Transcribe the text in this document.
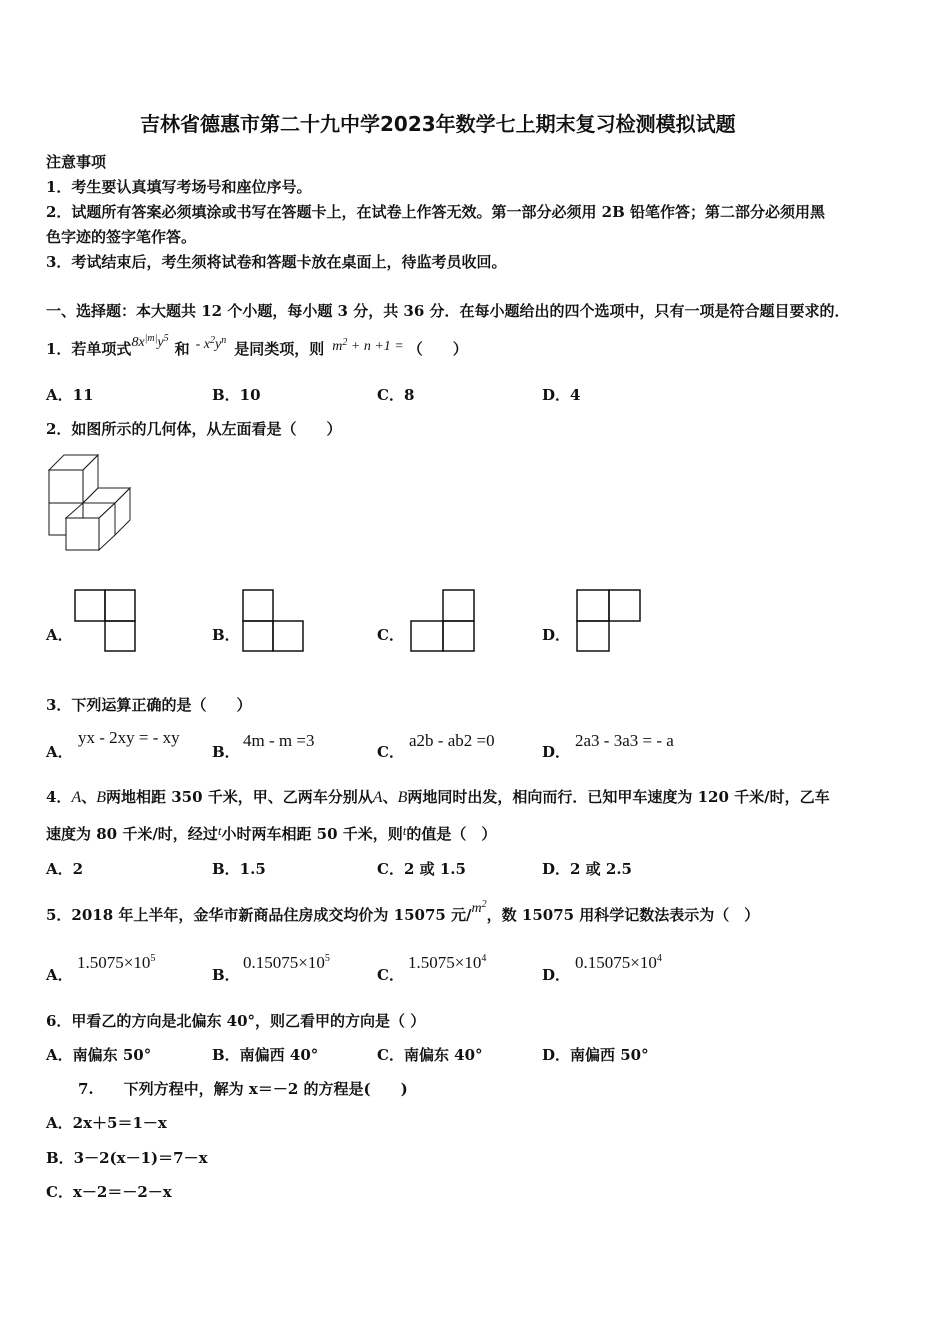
吉林省德惠市第二十九中学2023年数学七上期末复习检测模拟试题
注意事项
1．考生要认真填写考场号和座位序号。
2．试题所有答案必须填涂或书写在答题卡上，在试卷上作答无效。第一部分必须用 2B 铅笔作答；第二部分必须用黑
色字迹的签字笔作答。
3．考试结束后，考生须将试卷和答题卡放在桌面上，待监考员收回。
一、选择题：本大题共 12 个小题，每小题 3 分，共 36 分．在每小题给出的四个选项中，只有一项是符合题目要求的．
1．若单项式$8x^{|m|}y^5$和 - $x^2y^n$ 是同类项，则 $m^2 + n +1$ = （　　）
A．11	B．10	C．8	D．4
2．如图所示的几何体，从左面看是（　　）
A．	B．	C．	D．
3．下列运算正确的是（　　）
A．
yx - 2xy = - xy
B．
4m - m =3
C．
a2b - ab2 =0
D．
2a3 - 3a3 = - a
4．A、B两地相距 350 千米，甲、乙两车分别从A、B两地同时出发，相向而行．已知甲车速度为 120 千米/时，乙车
速度为 80 千米/时，经过t小时两车相距 50 千米，则t的值是（　）
A．2	B．1.5	C．2 或 1.5	D．2 或 2.5
5．2018 年上半年，金华市新商品住房成交均价为 15075 元$/m^2$，数 15075 用科学记数法表示为（　）
A．
$1.5075\times 10^5$
B．
$0.15075\times 10^5$
C．
$1.5075\times 10^4$
D．
$0.15075\times 10^4$
6．甲看乙的方向是北偏东 40°，则乙看甲的方向是（ ）
A．南偏东 50°	B．南偏西 40°	C．南偏东 40°	D．南偏西 50°
7.　　下列方程中，解为 x＝－2 的方程是(　　)
A．2x＋5＝1－x
B．3－2(x－1)＝7－x
C．x－2＝－2－x
